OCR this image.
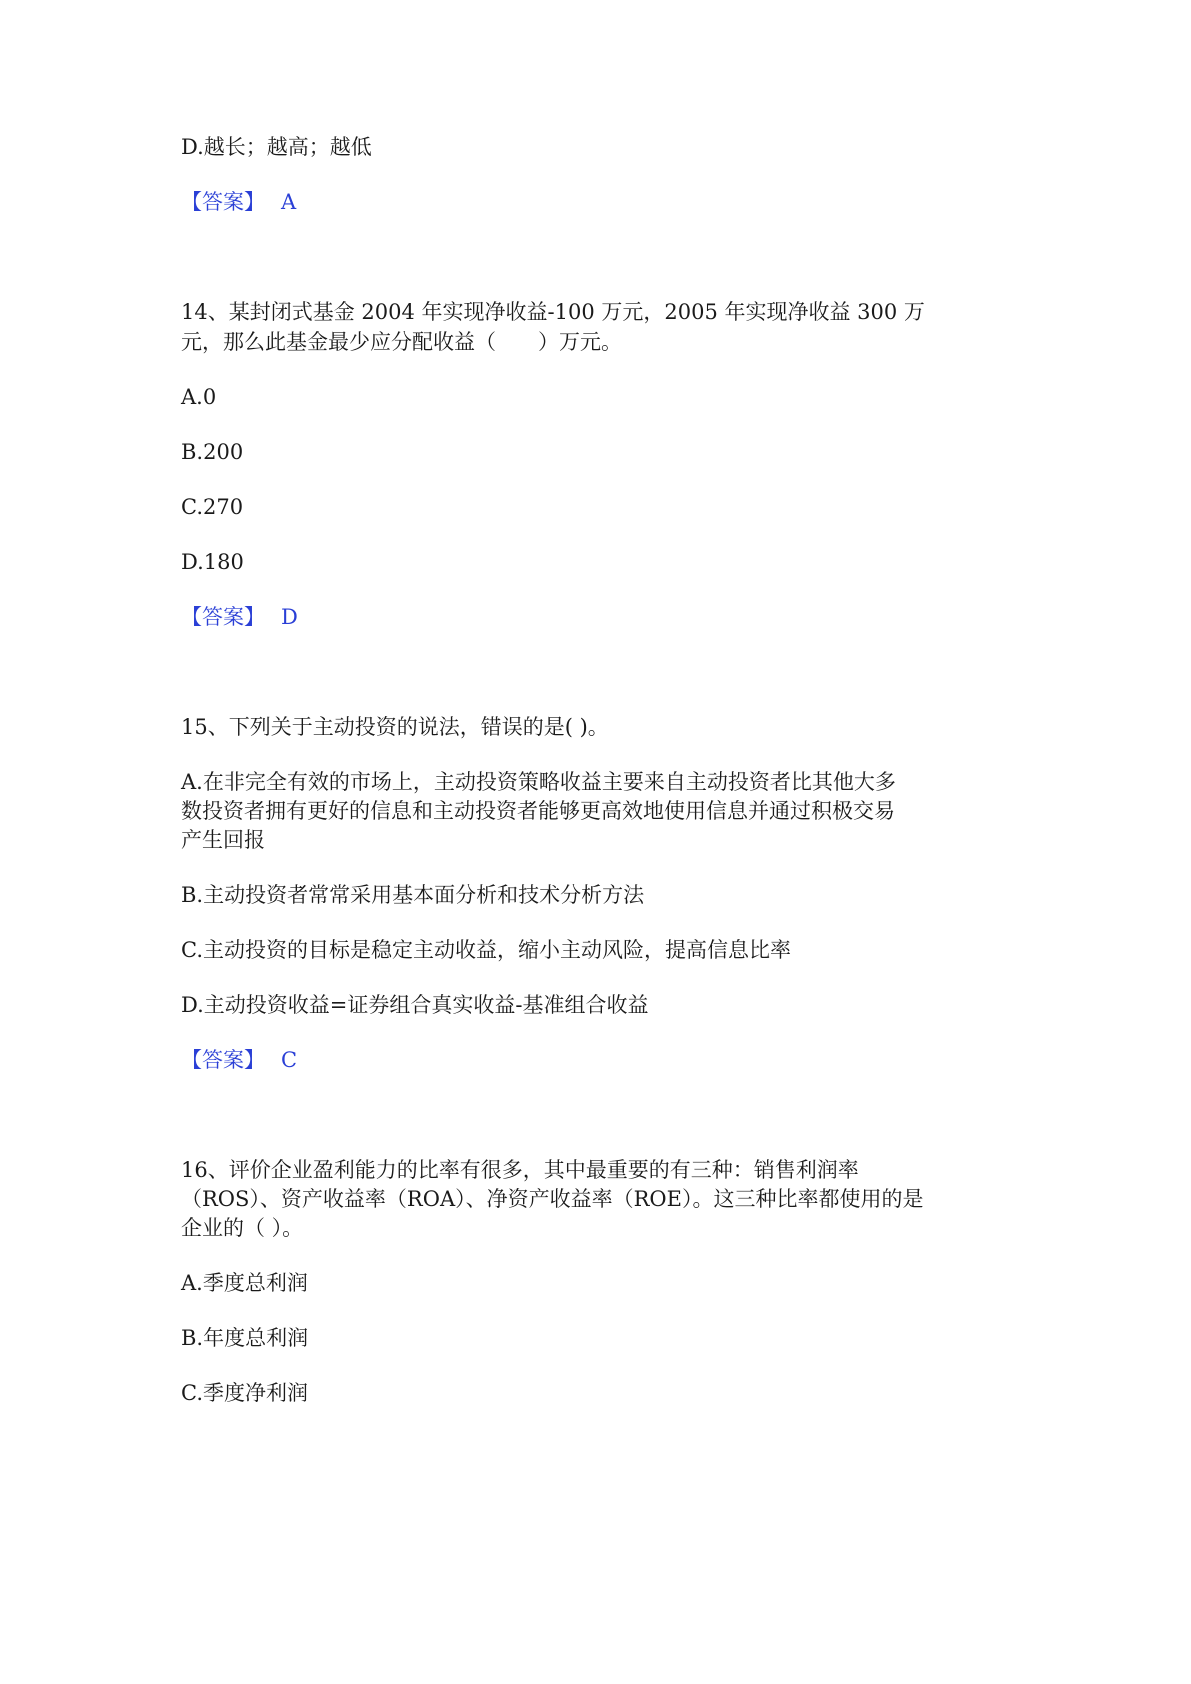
D.越长；越高；越低
【答案】 A
14、某封闭式基金 2004 年实现净收益-100 万元，2005 年实现净收益 300 万
元，那么此基金最少应分配收益（　　）万元。
A.0
B.200
C.270
D.180
【答案】 D
15、下列关于主动投资的说法，错误的是( )。
A.在非完全有效的市场上，主动投资策略收益主要来自主动投资者比其他大多
数投资者拥有更好的信息和主动投资者能够更高效地使用信息并通过积极交易
产生回报
B.主动投资者常常采用基本面分析和技术分析方法
C.主动投资的目标是稳定主动收益，缩小主动风险，提高信息比率
D.主动投资收益=证券组合真实收益-基准组合收益
【答案】 C
16、评价企业盈利能力的比率有很多，其中最重要的有三种：销售利润率
（ROS）、资产收益率（ROA）、净资产收益率（ROE）。这三种比率都使用的是
企业的（ ）。
A.季度总利润
B.年度总利润
C.季度净利润
